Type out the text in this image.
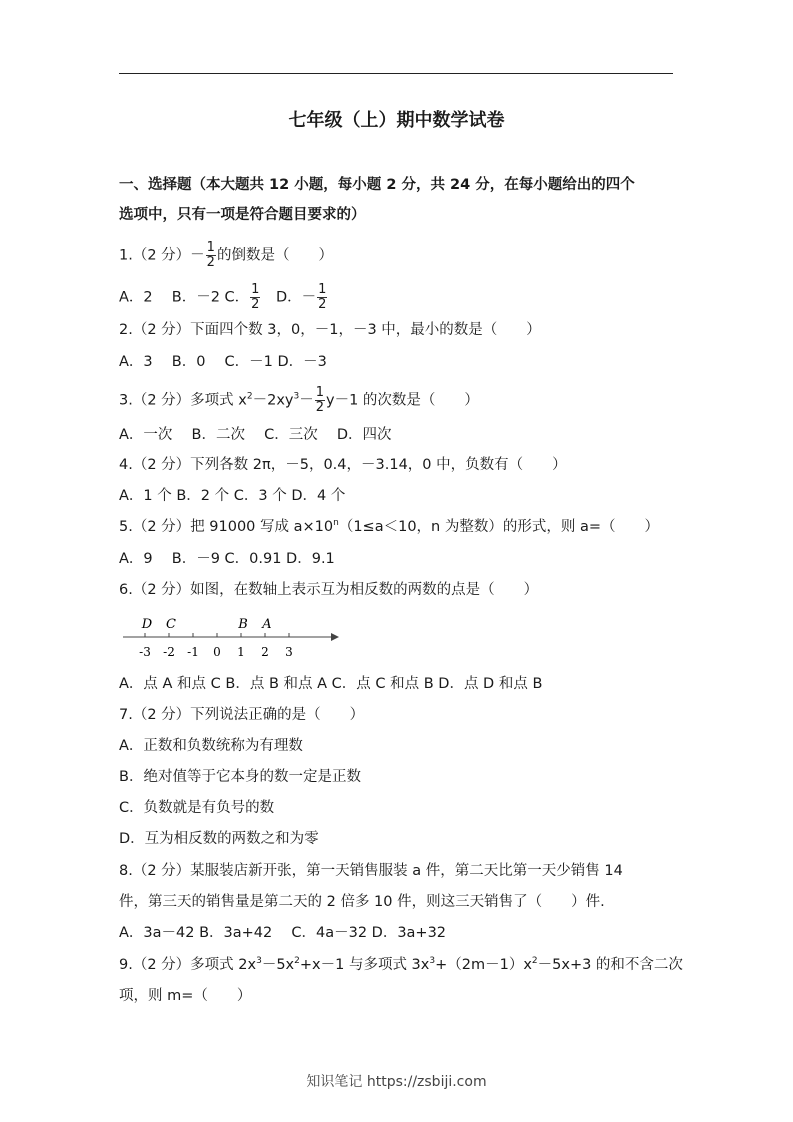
七年级（上）期中数学试卷
一、选择题（本大题共 12 小题，每小题 2 分，共 24 分，在每小题给出的四个
选项中，只有一项是符合题目要求的）
1.（2 分）－ $\frac{1}{2}$ 的倒数是（　　）
A．2　 B．－2 C． $\frac{1}{2}$ 　D．－ $\frac{1}{2}$
2.（2 分）下面四个数 3，0，－1，－3 中，最小的数是（　　）
A．3　 B．0　 C．－1 D．－3
3.（2 分）多项式 $x^2-2xy^3- \frac{1}{2} y-1$ 的次数是（　　）
A．一次　 B．二次　 C．三次　 D．四次
4.（2 分）下列各数 2π，－5，0.4，－3.14，0 中，负数有（　　）
A．1 个 B．2 个 C．3 个 D．4 个
5.（2 分）把 91000 写成 $a\times 10^n(1\le a<10$，n 为整数）的形式，则 a=（　　）
A．9　 B．－9 C．0.91 D．9.1
6.（2 分）如图，在数轴上表示互为相反数的两数的点是（　　）
-3 -2 -1 0 1 2 3
D C	B A
A．点 A 和点 C B．点 B 和点 A C．点 C 和点 B D．点 D 和点 B
7.（2 分）下列说法正确的是（　　）
A．正数和负数统称为有理数
B．绝对值等于它本身的数一定是正数
C．负数就是有负号的数
D．互为相反数的两数之和为零
8.（2 分）某服装店新开张，第一天销售服装 a 件，第二天比第一天少销售 14
件，第三天的销售量是第二天的 2 倍多 10 件，则这三天销售了（　　）件.
A．3a－42 B．3a+42　 C．4a－32 D．3a+32
9.（2 分）多项式 $2x^3-5x^2+x-1$ 与多项式 $3x^3+(2m-1)x^2-5x+3$ 的和不含二次
项，则 m=（　　）
知识笔记 https://zsbiji.com
